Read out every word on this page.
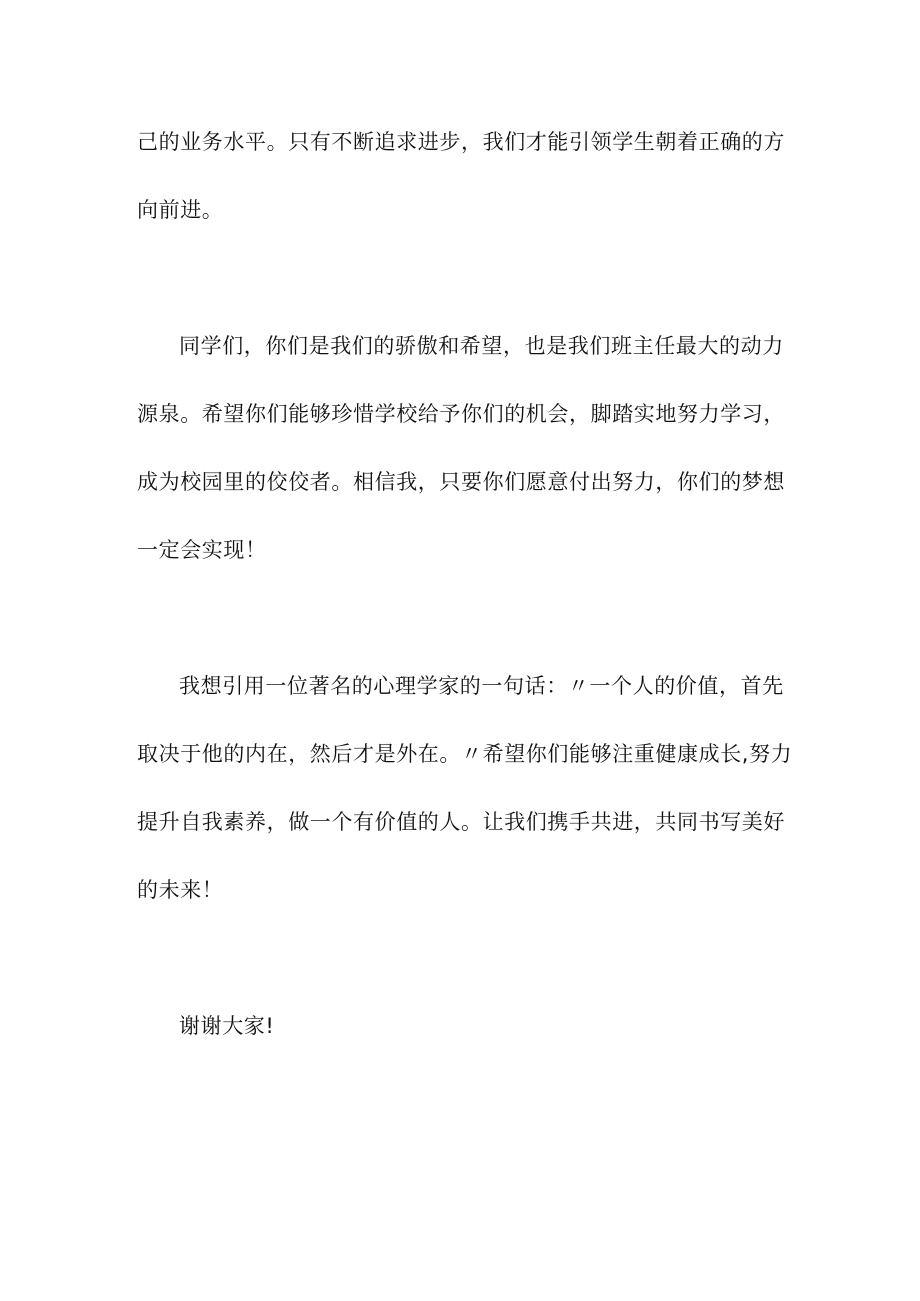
己的业务水平。只有不断追求进步，我们才能引领学生朝着正确的方
向前进。
同学们，你们是我们的骄傲和希望，也是我们班主任最大的动力
源泉。希望你们能够珍惜学校给予你们的机会，脚踏实地努力学习，
成为校园里的佼佼者。相信我，只要你们愿意付出努力，你们的梦想
一定会实现！
我想引用一位著名的心理学家的一句话：〃一个人的价值，首先
取决于他的内在，然后才是外在。〃希望你们能够注重健康成长,努力
提升自我素养，做一个有价值的人。让我们携手共进，共同书写美好
的未来！
谢谢大家!
